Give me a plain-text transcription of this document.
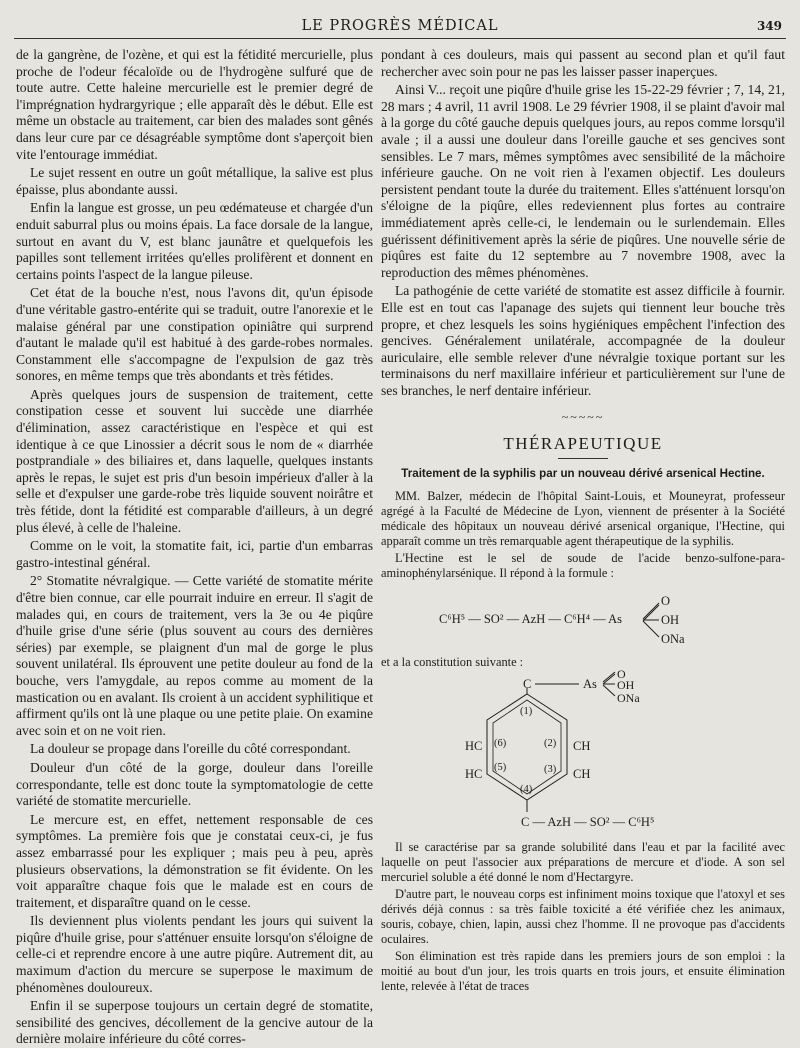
LE PROGRÈS MÉDICAL	349

de la gangrène, de l'ozène, et qui est la fétidité mercurielle, plus proche de l'odeur fécaloïde ou de l'hydrogène sulfuré que de toute autre. Cette haleine mercurielle est le premier degré de l'imprégnation hydrargyrique ; elle apparaît dès le début. Elle est même un obstacle au traitement, car bien des malades sont gênés dans leur cure par ce désagréable symptôme dont s'aperçoit bien vite l'entourage immédiat.

Le sujet ressent en outre un goût métallique, la salive est plus épaisse, plus abondante aussi.

Enfin la langue est grosse, un peu œdémateuse et chargée d'un enduit saburral plus ou moins épais. La face dorsale de la langue, surtout en avant du V, est blanc jaunâtre et quelquefois les papilles sont tellement irritées qu'elles prolifèrent et donnent en certains points l'aspect de la langue pileuse.

Cet état de la bouche n'est, nous l'avons dit, qu'un épisode d'une véritable gastro-entérite qui se traduit, outre l'anorexie et le malaise général par une constipation opiniâtre qui surprend d'autant le malade qu'il est habitué à des garde-robes normales. Constamment elle s'accompagne de l'expulsion de gaz très sonores, en même temps que très abondants et très fétides.

Après quelques jours de suspension de traitement, cette constipation cesse et souvent lui succède une diarrhée d'élimination, assez caractéristique en l'espèce et qui est identique à ce que Linossier a décrit sous le nom de « diarrhée postprandiale » des biliaires et, dans laquelle, quelques instants après le repas, le sujet est pris d'un besoin impérieux d'aller à la selle et d'expulser une garde-robe très liquide souvent noirâtre et très fétide, dont la fétidité est comparable d'ailleurs, à un degré plus élevé, à celle de l'haleine.

Comme on le voit, la stomatite fait, ici, partie d'un embarras gastro-intestinal général.

2° Stomatite névralgique. — Cette variété de stomatite mérite d'être bien connue, car elle pourrait induire en erreur. Il s'agit de malades qui, en cours de traitement, vers la 3e ou 4e piqûre d'huile grise d'une série (plus souvent au cours des dernières séries) par exemple, se plaignent d'un mal de gorge le plus souvent unilatéral. Ils éprouvent une petite douleur au fond de la bouche, vers l'amygdale, au repos comme au moment de la mastication ou en avalant. Ils croient à un accident syphilitique et affirment qu'ils ont là une plaque ou une petite plaie. On examine avec soin et on ne voit rien.

La douleur se propage dans l'oreille du côté correspondant.

Douleur d'un côté de la gorge, douleur dans l'oreille correspondante, telle est donc toute la symptomatologie de cette variété de stomatite mercurielle.

Le mercure est, en effet, nettement responsable de ces symptômes. La première fois que je constatai ceux-ci, je fus assez embarrassé pour les expliquer ; mais peu à peu, après plusieurs observations, la démonstration se fit évidente. On les voit apparaître chaque fois que le malade est en cours de traitement, et disparaître quand on le cesse.

Ils deviennent plus violents pendant les jours qui suivent la piqûre d'huile grise, pour s'atténuer ensuite lorsqu'on s'éloigne de celle-ci et reprendre encore à une autre piqûre. Autrement dit, au maximum d'action du mercure se superpose le maximum de phénomènes douloureux.

Enfin il se superpose toujours un certain degré de stomatite, sensibilité des gencives, décollement de la gencive autour de la dernière molaire inférieure du côté corres-

pondant à ces douleurs, mais qui passent au second plan et qu'il faut rechercher avec soin pour ne pas les laisser passer inaperçues.

Ainsi V... reçoit une piqûre d'huile grise les 15-22-29 février ; 7, 14, 21, 28 mars ; 4 avril, 11 avril 1908. Le 29 février 1908, il se plaint d'avoir mal à la gorge du côté gauche depuis quelques jours, au repos comme lorsqu'il avale ; il a aussi une douleur dans l'oreille gauche et ses gencives sont sensibles. Le 7 mars, mêmes symptômes avec sensibilité de la mâchoire inférieure gauche. On ne voit rien à l'examen objectif. Les douleurs persistent pendant toute la durée du traitement. Elles s'atténuent lorsqu'on s'éloigne de la piqûre, elles redeviennent plus fortes au contraire immédiatement après celle-ci, le lendemain ou le surlendemain. Elles guérissent définitivement après la série de piqûres. Une nouvelle série de piqûres est faite du 12 septembre au 7 novembre 1908, avec la reproduction des mêmes phénomènes.

La pathogénie de cette variété de stomatite est assez difficile à fournir. Elle est en tout cas l'apanage des sujets qui tiennent leur bouche très propre, et chez lesquels les soins hygiéniques empêchent l'infection des gencives. Généralement unilatérale, accompagnée de la douleur auriculaire, elle semble relever d'une névralgie toxique portant sur les terminaisons du nerf maxillaire inférieur et particulièrement sur l'une de ses branches, le nerf dentaire inférieur.

~~~~~
THÉRAPEUTIQUE
Traitement de la syphilis par un nouveau dérivé arsenical Hectine.

MM. Balzer, médecin de l'hôpital Saint-Louis, et Mouneyrat, professeur agrégé à la Faculté de Médecine de Lyon, viennent de présenter à la Société médicale des hôpitaux un nouveau dérivé arsenical organique, l'Hectine, qui apparaît comme un très remarquable agent thérapeutique de la syphilis.

L'Hectine est le sel de soude de l'acide benzo-sulfone-para-aminophénylarsénique. Il répond à la formule :

C⁶H⁵ — SO² — AzH — C⁶H⁴ — As
O
OH
ONa

et a la constitution suivante :

C	As
O
OH
ONa
(1)
(2)
(3)
(4)
(5)
(6)
HC
HC
CH
CH
C — AzH — SO² — C⁶H⁵

Il se caractérise par sa grande solubilité dans l'eau et par la facilité avec laquelle on peut l'associer aux préparations de mercure et d'iode. A son sel mercuriel soluble a été donné le nom d'Hectargyre.

D'autre part, le nouveau corps est infiniment moins toxique que l'atoxyl et ses dérivés déjà connus : sa très faible toxicité a été vérifiée chez les animaux, souris, cobaye, chien, lapin, aussi chez l'homme. Il ne provoque pas d'accidents oculaires.

Son élimination est très rapide dans les premiers jours de son emploi : la moitié au bout d'un jour, les trois quarts en trois jours, et ensuite élimination lente, relevée à l'état de traces
